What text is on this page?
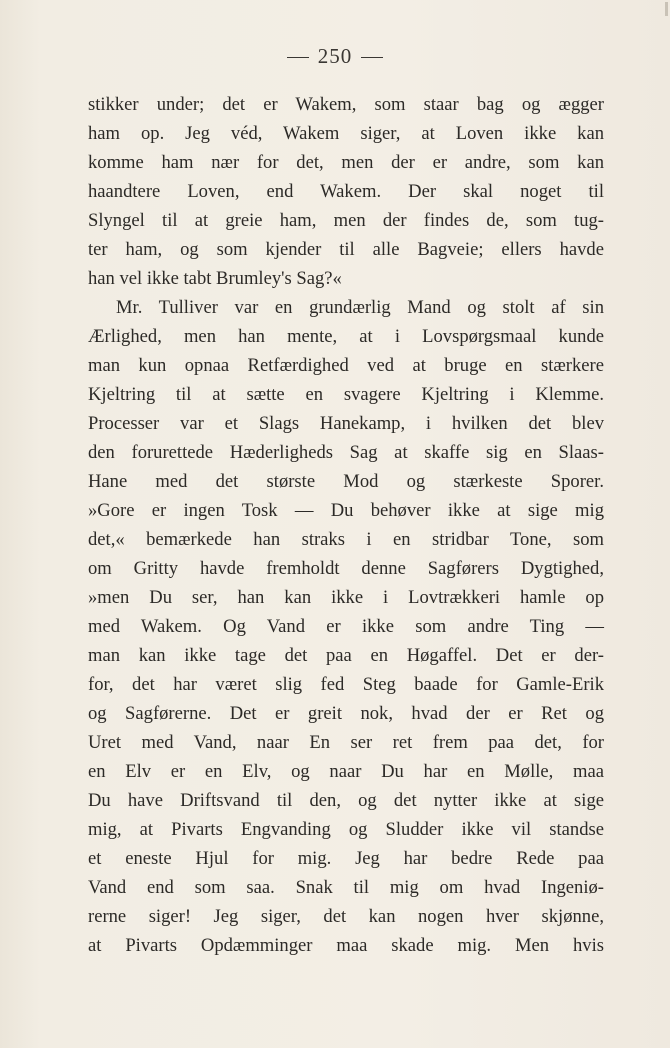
250
stikker under; det er Wakem, som staar bag og ægger
ham op. Jeg véd, Wakem siger, at Loven ikke kan
komme ham nær for det, men der er andre, som kan
haandtere Loven, end Wakem. Der skal noget til
Slyngel til at greie ham, men der findes de, som tug-
ter ham, og som kjender til alle Bagveie; ellers havde
han vel ikke tabt Brumley's Sag?«
Mr. Tulliver var en grundærlig Mand og stolt af sin
Ærlighed, men han mente, at i Lovspørgsmaal kunde
man kun opnaa Retfærdighed ved at bruge en stærkere
Kjeltring til at sætte en svagere Kjeltring i Klemme.
Processer var et Slags Hanekamp, i hvilken det blev
den forurettede Hæderligheds Sag at skaffe sig en Slaas-
Hane med det største Mod og stærkeste Sporer.
»Gore er ingen Tosk — Du behøver ikke at sige mig
det,« bemærkede han straks i en stridbar Tone, som
om Gritty havde fremholdt denne Sagførers Dygtighed,
»men Du ser, han kan ikke i Lovtrækkeri hamle op
med Wakem. Og Vand er ikke som andre Ting —
man kan ikke tage det paa en Høgaffel. Det er der-
for, det har været slig fed Steg baade for Gamle-Erik
og Sagførerne. Det er greit nok, hvad der er Ret og
Uret med Vand, naar En ser ret frem paa det, for
en Elv er en Elv, og naar Du har en Mølle, maa
Du have Driftsvand til den, og det nytter ikke at sige
mig, at Pivarts Engvanding og Sludder ikke vil standse
et eneste Hjul for mig. Jeg har bedre Rede paa
Vand end som saa. Snak til mig om hvad Ingeniø-
rerne siger! Jeg siger, det kan nogen hver skjønne,
at Pivarts Opdæmminger maa skade mig. Men hvis
